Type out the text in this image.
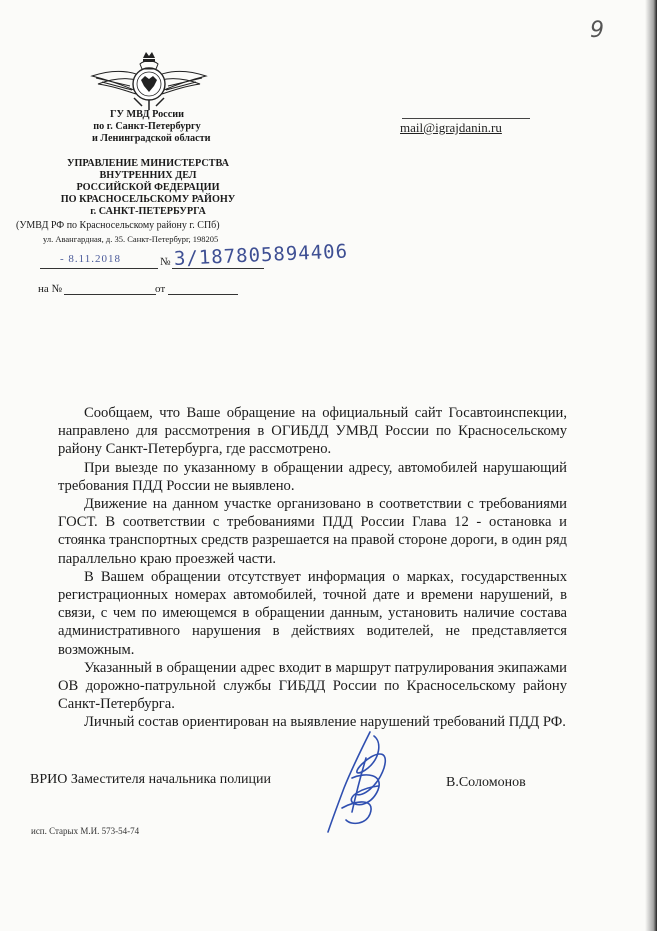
9
ГУ МВД России
по г. Санкт-Петербургу
и Ленинградской области
УПРАВЛЕНИЕ МИНИСТЕРСТВА
ВНУТРЕННИХ ДЕЛ
РОССИЙСКОЙ ФЕДЕРАЦИИ
ПО КРАСНОСЕЛЬСКОМУ РАЙОНУ
г. САНКТ-ПЕТЕРБУРГА
(УМВД РФ по Красносельскому району г. СПб)
ул. Авангардная, д. 35. Санкт-Петербург, 198205
mail@igrajdanin.ru
- 8.11.2018	№ 3/187805894406
на №	от

Сообщаем, что Ваше обращение на официальный сайт Госавтоинспекции, направлено для рассмотрения в ОГИБДД УМВД России по Красносельскому району Санкт-Петербурга, где рассмотрено.

При выезде по указанному в обращении адресу, автомобилей нарушающий требования ПДД России не выявлено.

Движение на данном участке организовано в соответствии с требованиями ГОСТ. В соответствии с требованиями ПДД России Глава 12 - остановка и стоянка транспортных средств разрешается на правой стороне дороги, в один ряд параллельно краю проезжей части.

В Вашем обращении отсутствует информация о марках, государственных регистрационных номерах автомобилей, точной дате и времени нарушений, в связи, с чем по имеющемся в обращении данным, установить наличие состава административного нарушения в действиях водителей, не представляется возможным.

Указанный в обращении адрес входит в маршрут патрулирования экипажами ОВ дорожно-патрульной службы ГИБДД России по Красносельскому району Санкт-Петербурга.

Личный состав ориентирован на выявление нарушений требований ПДД РФ.

ВРИО Заместителя начальника полиции	В.Соломонов
исп. Старых М.И. 573-54-74
